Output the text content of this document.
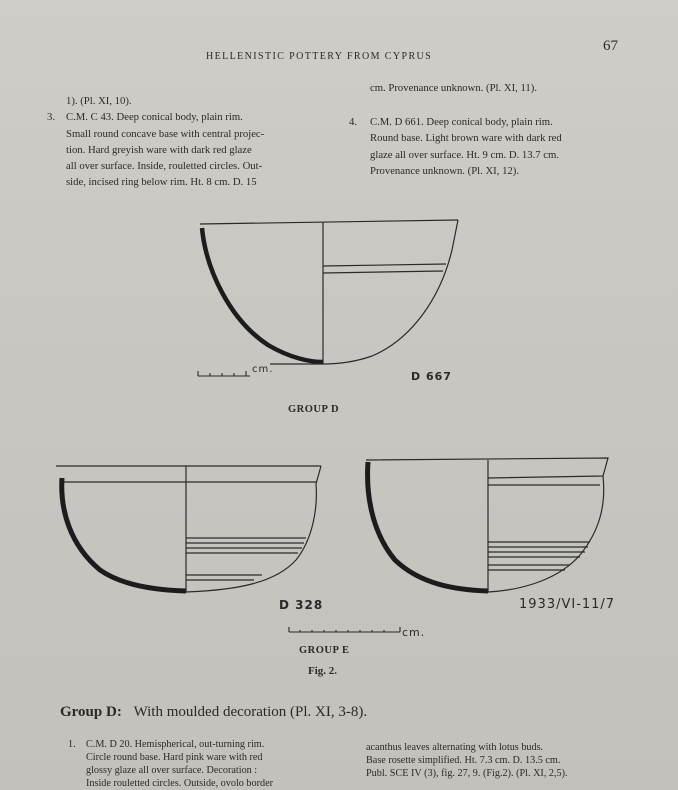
HELLENISTIC POTTERY FROM CYPRUS
67
1). (Pl. XI, 10).
C.M. C 43. Deep conical body, plain rim.
Small round concave base with central projec-
tion. Hard greyish ware with dark red glaze
all over surface. Inside, rouletted circles. Out-
side, incised ring below rim. Ht. 8 cm. D. 15
3.
cm. Provenance unknown. (Pl. XI, 11).
4. C.M. D 661. Deep conical body, plain rim.
Round base. Light brown ware with dark red
glaze all over surface. Ht. 9 cm. D. 13.7 cm.
Provenance unknown. (Pl. XI, 12).
cm.
D 667
GROUP D
D 328	1933/VI-11/7
cm.
GROUP E
Fig. 2.
Group D: With moulded decoration (Pl. XI, 3-8).
1. C.M. D 20. Hemispherical, out-turning rim.
Circle round base. Hard pink ware with red
glossy glaze all over surface. Decoration :
Inside rouletted circles. Outside, ovolo border
acanthus leaves alternating with lotus buds.
Base rosette simplified. Ht. 7.3 cm. D. 13.5 cm.
Publ. SCE IV (3), fig. 27, 9. (Fig.2). (Pl. XI, 2,5).
